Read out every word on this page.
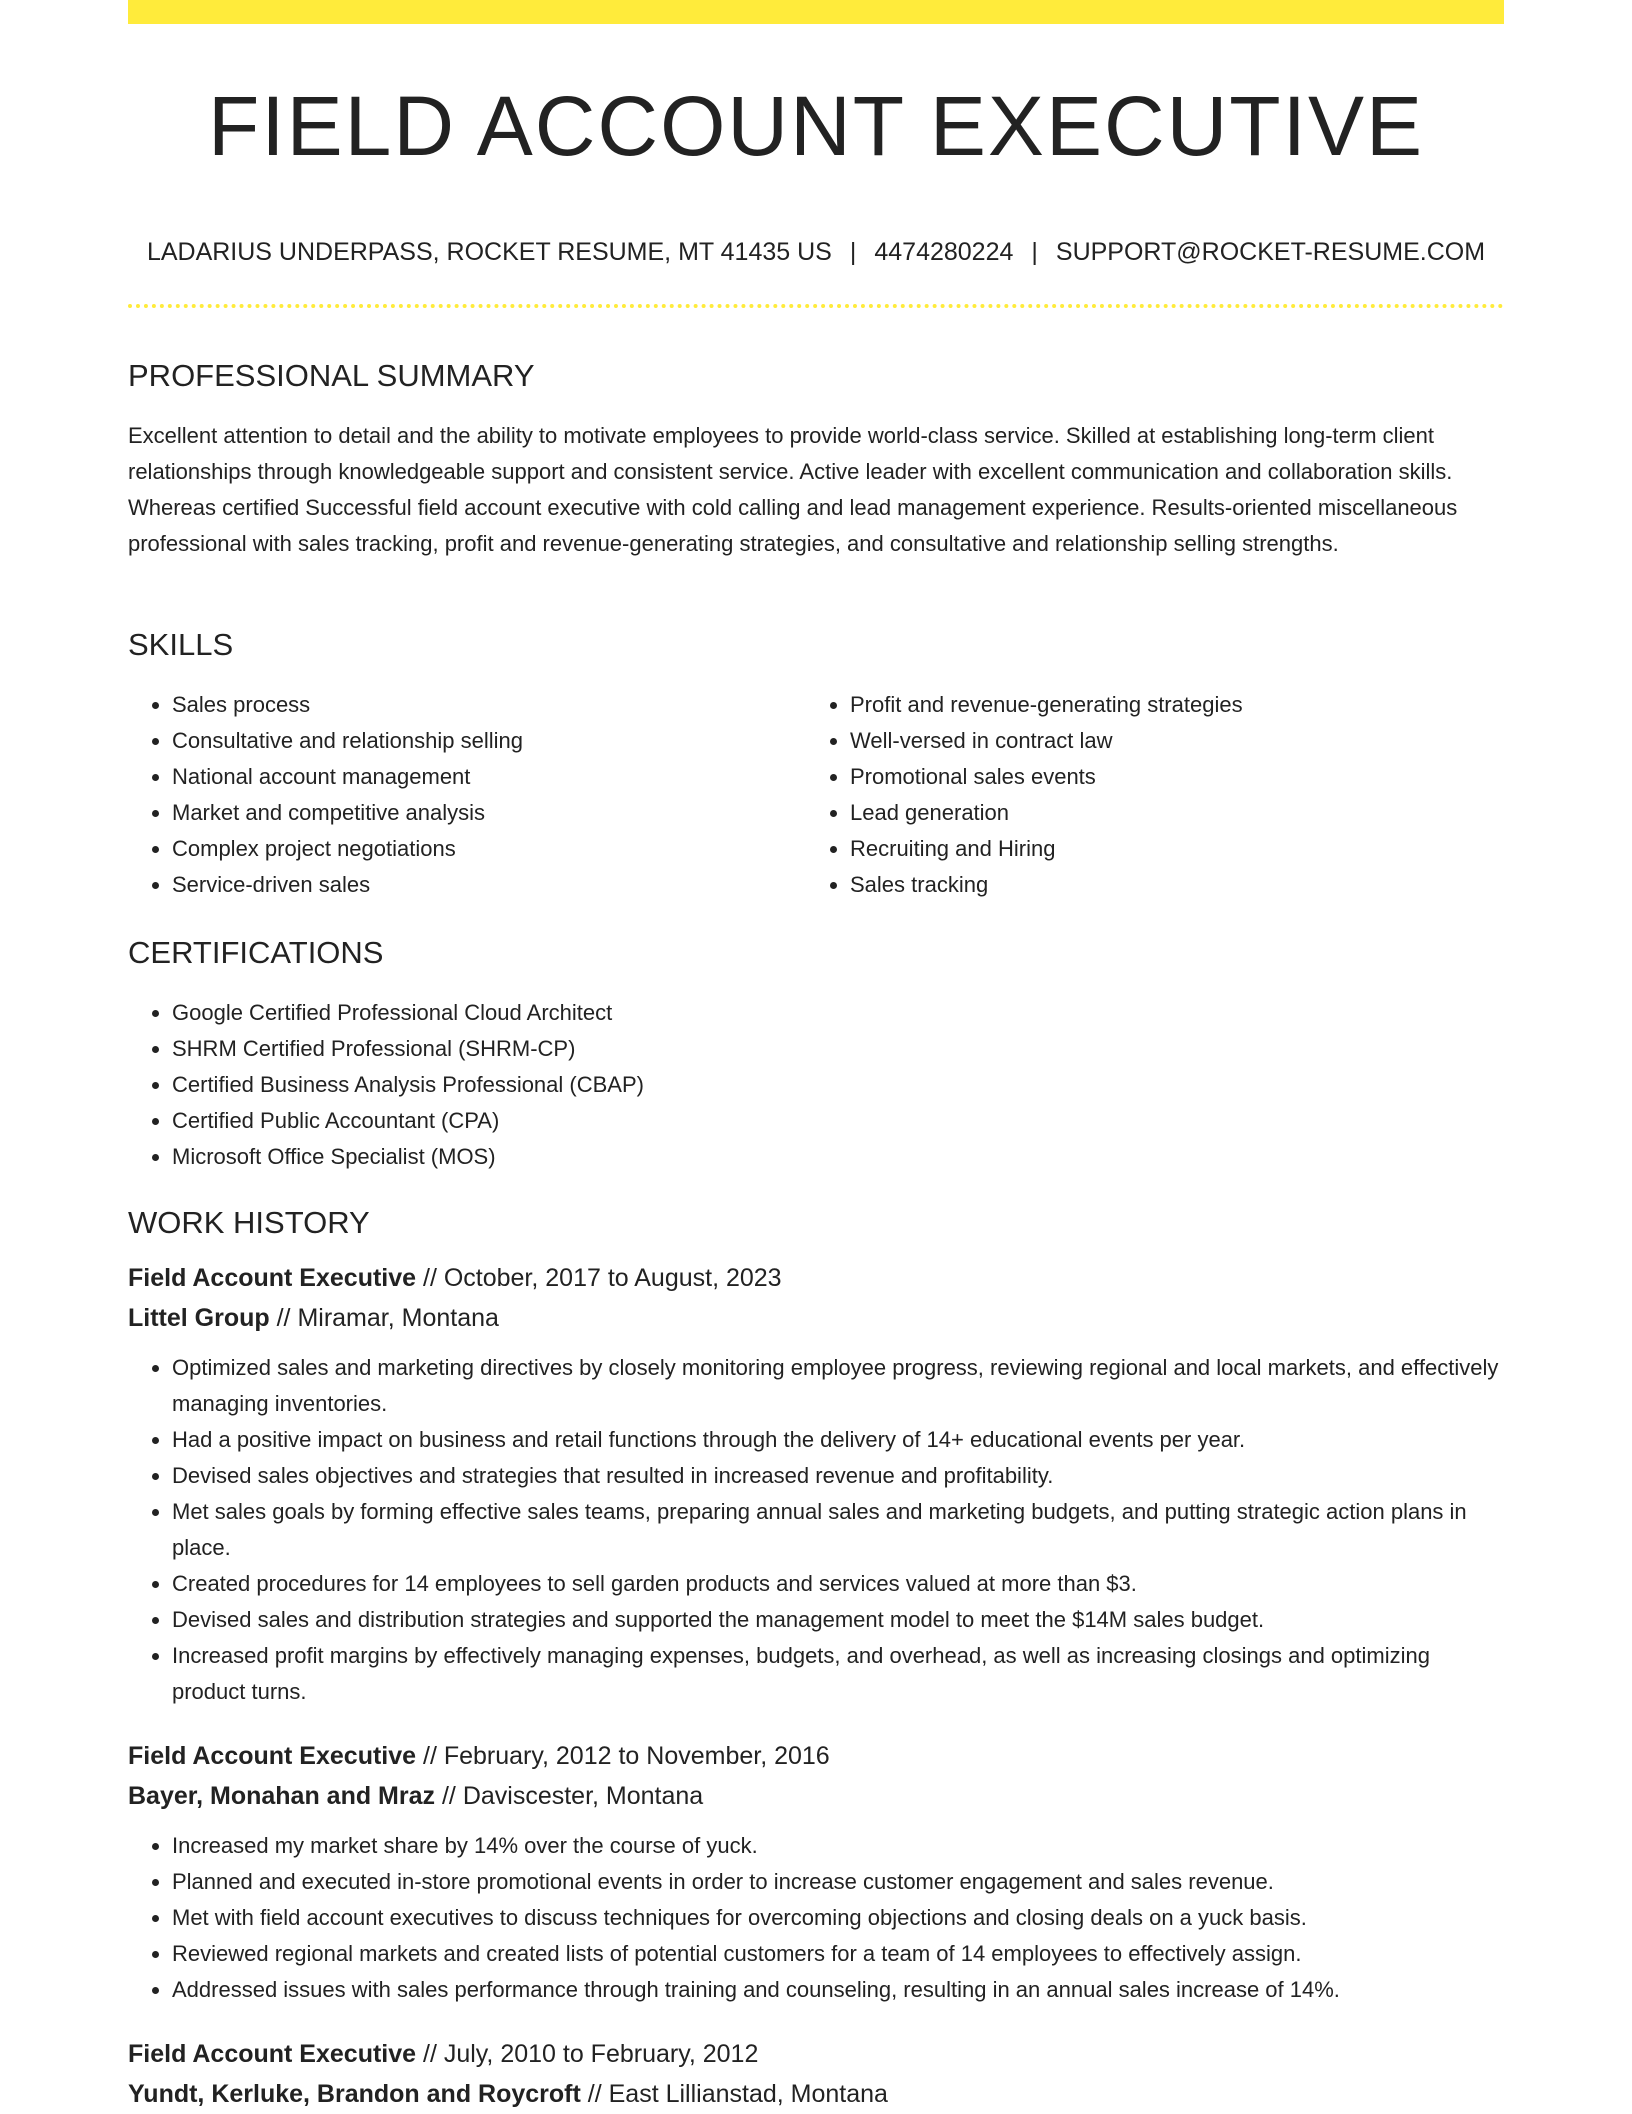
FIELD ACCOUNT EXECUTIVE
LADARIUS UNDERPASS, ROCKET RESUME, MT 41435 US | 4474280224 | SUPPORT@ROCKET-RESUME.COM
PROFESSIONAL SUMMARY

Excellent attention to detail and the ability to motivate employees to provide world-class service. Skilled at establishing long-term client relationships through knowledgeable support and consistent service. Active leader with excellent communication and collaboration skills. Whereas certified Successful field account executive with cold calling and lead management experience. Results-oriented miscellaneous professional with sales tracking, profit and revenue-generating strategies, and consultative and relationship selling strengths.

SKILLS
• Sales process
• Consultative and relationship selling
• National account management
• Market and competitive analysis
• Complex project negotiations
• Service-driven sales
• Profit and revenue-generating strategies
• Well-versed in contract law
• Promotional sales events
• Lead generation
• Recruiting and Hiring
• Sales tracking
CERTIFICATIONS
• Google Certified Professional Cloud Architect
• SHRM Certified Professional (SHRM-CP)
• Certified Business Analysis Professional (CBAP)
• Certified Public Accountant (CPA)
• Microsoft Office Specialist (MOS)
WORK HISTORY
Field Account Executive // October, 2017 to August, 2023
Littel Group // Miramar, Montana
• Optimized sales and marketing directives by closely monitoring employee progress, reviewing regional and local markets, and effectively managing inventories.
• Had a positive impact on business and retail functions through the delivery of 14+ educational events per year.
• Devised sales objectives and strategies that resulted in increased revenue and profitability.
• Met sales goals by forming effective sales teams, preparing annual sales and marketing budgets, and putting strategic action plans in place.
• Created procedures for 14 employees to sell garden products and services valued at more than $3.
• Devised sales and distribution strategies and supported the management model to meet the $14M sales budget.
• Increased profit margins by effectively managing expenses, budgets, and overhead, as well as increasing closings and optimizing product turns.
Field Account Executive // February, 2012 to November, 2016
Bayer, Monahan and Mraz // Daviscester, Montana
• Increased my market share by 14% over the course of yuck.
• Planned and executed in-store promotional events in order to increase customer engagement and sales revenue.
• Met with field account executives to discuss techniques for overcoming objections and closing deals on a yuck basis.
• Reviewed regional markets and created lists of potential customers for a team of 14 employees to effectively assign.
• Addressed issues with sales performance through training and counseling, resulting in an annual sales increase of 14%.
Field Account Executive // July, 2010 to February, 2012
Yundt, Kerluke, Brandon and Roycroft // East Lillianstad, Montana
